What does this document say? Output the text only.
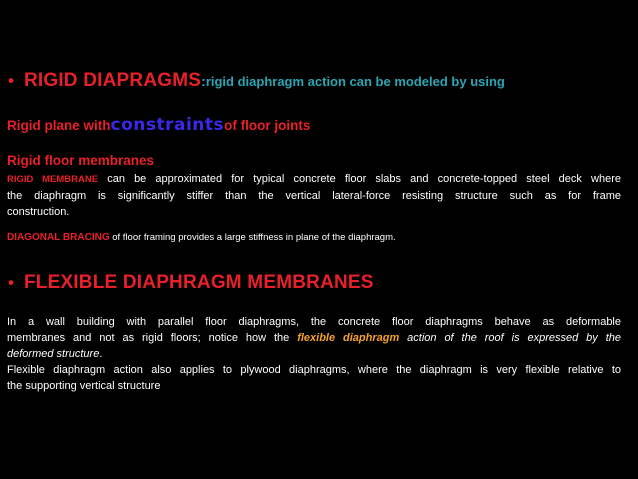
• RIGID DIAPRAGMS : rigid diaphragm action can be modeled by using
Rigid plane with constraints of floor joints
Rigid floor membranes
RIGID MEMBRANE can be approximated for typical concrete floor slabs and concrete-topped steel deck where
the diaphragm is significantly stiffer than the vertical lateral-force resisting structure such as for frame
construction.
DIAGONAL BRACING of floor framing provides a large stiffness in plane of the diaphragm.
• FLEXIBLE DIAPHRAGM MEMBRANES
In a wall building with parallel floor diaphragms, the concrete floor diaphragms behave as deformable
membranes and not as rigid floors; notice how the flexible diaphragm action of the roof is expressed by the
deformed structure.
Flexible diaphragm action also applies to plywood diaphragms, where the diaphragm is very flexible relative to
the supporting vertical structure
